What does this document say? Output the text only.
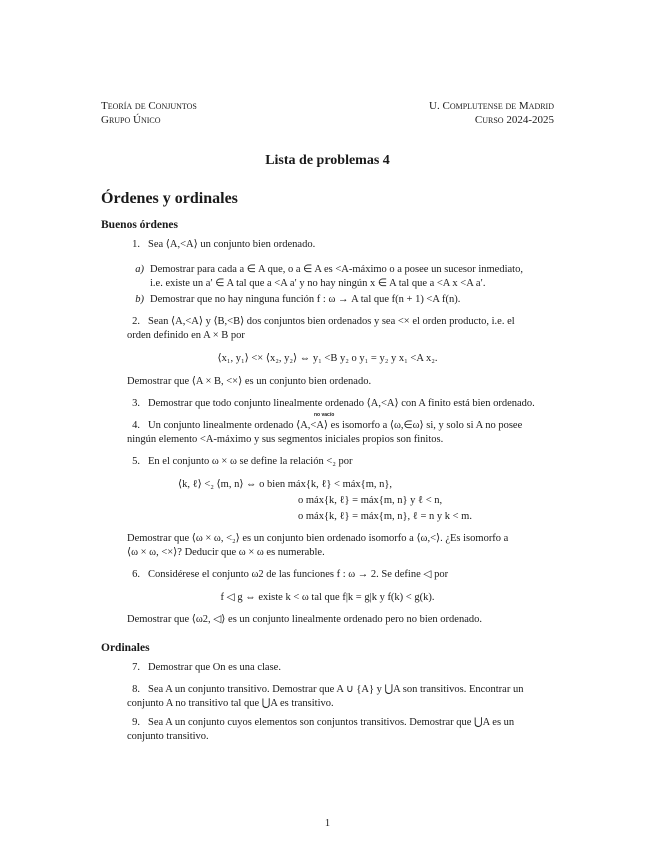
Teoría de Conjuntos
Grupo Único
U. Complutense de Madrid
Curso 2024-2025
Lista de problemas 4
Órdenes y ordinales
Buenos órdenes
1. Sea ⟨A,<A⟩ un conjunto bien ordenado.
a) Demostrar para cada a ∈ A que, o a ∈ A es <A-máximo o a posee un sucesor inmediato,
i.e. existe un a′ ∈ A tal que a <A a′ y no hay ningún x ∈ A tal que a <A x <A a′.
b) Demostrar que no hay ninguna función f : ω → A tal que f(n + 1) <A f(n).
2. Sean ⟨A,<A⟩ y ⟨B,<B⟩ dos conjuntos bien ordenados y sea <× el orden producto, i.e. el
orden definido en A × B por
⟨x₁, y₁⟩ <× ⟨x₂, y₂⟩ ⇔ y₁ <B y₂ o y₁ = y₂ y x₁ <A x₂.
Demostrar que ⟨A × B, <×⟩ es un conjunto bien ordenado.
3. Demostrar que todo conjunto linealmente ordenado ⟨A,<A⟩ con A finito está bien ordenado.
no vacío
4. Un conjunto linealmente ordenado ⟨A,<A⟩ es isomorfo a ⟨ω,∈ω⟩ si, y solo si A no posee
ningún elemento <A-máximo y sus segmentos iniciales propios son finitos.
5. En el conjunto ω × ω se define la relación <₂ por
⟨k, ℓ⟩ <₂ ⟨m, n⟩ ⇔ o bien máx{k, ℓ} < máx{m, n},
o máx{k, ℓ} = máx{m, n} y ℓ < n,
o máx{k, ℓ} = máx{m, n}, ℓ = n y k < m.
Demostrar que ⟨ω × ω, <₂⟩ es un conjunto bien ordenado isomorfo a ⟨ω,<⟩. ¿Es isomorfo a
⟨ω × ω, <×⟩? Deducir que ω × ω es numerable.
6. Considérese el conjunto ω2 de las funciones f : ω → 2. Se define ◁ por
f ◁ g ⇔ existe k < ω tal que f|k = g|k y f(k) < g(k).
Demostrar que ⟨ω2, ◁⟩ es un conjunto linealmente ordenado pero no bien ordenado.
Ordinales
7. Demostrar que On es una clase.
8. Sea A un conjunto transitivo. Demostrar que A ∪ {A} y ⋃A son transitivos. Encontrar un
conjunto A no transitivo tal que ⋃A es transitivo.
9. Sea A un conjunto cuyos elementos son conjuntos transitivos. Demostrar que ⋃A es un
conjunto transitivo.
1
